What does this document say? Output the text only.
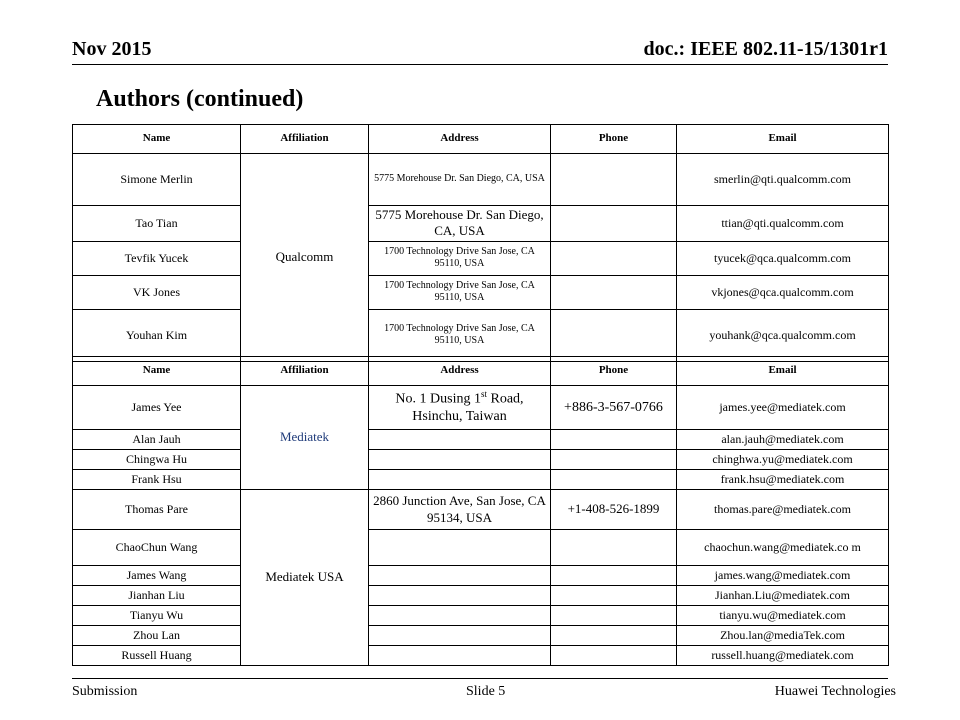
Nov 2015	doc.: IEEE 802.11-15/1301r1
Authors (continued)
Name	Affiliation	Address	Phone	Email
Simone Merlin	Qualcomm	5775 Morehouse Dr. San Diego, CA, USA		smerlin@qti.qualcomm.com
Tao Tian		5775 Morehouse Dr. San Diego, CA, USA		ttian@qti.qualcomm.com
Tevfik Yucek		1700 Technology Drive San Jose, CA 95110, USA		tyucek@qca.qualcomm.com
VK Jones		1700 Technology Drive San Jose, CA 95110, USA		vkjones@qca.qualcomm.com
Youhan Kim		1700 Technology Drive San Jose, CA 95110, USA		youhank@qca.qualcomm.com
Name	Affiliation	Address	Phone	Email
James Yee	Mediatek	No. 1 Dusing 1st Road, Hsinchu, Taiwan	+886-3-567-0766	james.yee@mediatek.com
Alan Jauh				alan.jauh@mediatek.com
Chingwa Hu				chinghwa.yu@mediatek.com
Frank Hsu				frank.hsu@mediatek.com
Thomas Pare	Mediatek USA	2860 Junction Ave, San Jose, CA 95134, USA	+1-408-526-1899	thomas.pare@mediatek.com
ChaoChun Wang				chaochun.wang@mediatek.co m
James Wang				james.wang@mediatek.com
Jianhan Liu				Jianhan.Liu@mediatek.com
Tianyu Wu				tianyu.wu@mediatek.com
Zhou Lan				Zhou.lan@mediaTek.com
Russell Huang				russell.huang@mediatek.com
Submission	Slide 5	Huawei Technologies
